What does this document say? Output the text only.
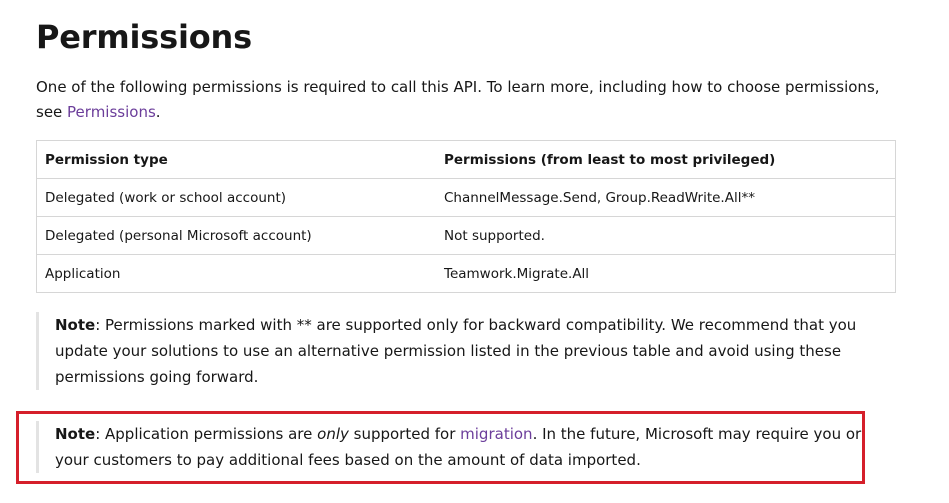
Permissions

One of the following permissions is required to call this API. To learn more, including how to choose permissions, see Permissions.

Permission type	Permissions (from least to most privileged)
Delegated (work or school account)	ChannelMessage.Send, Group.ReadWrite.All**
Delegated (personal Microsoft account)	Not supported.
Application	Teamwork.Migrate.All

Note: Permissions marked with ** are supported only for backward compatibility. We recommend that you update your solutions to use an alternative permission listed in the previous table and avoid using these permissions going forward.

Note: Application permissions are only supported for migration. In the future, Microsoft may require you or your customers to pay additional fees based on the amount of data imported.
